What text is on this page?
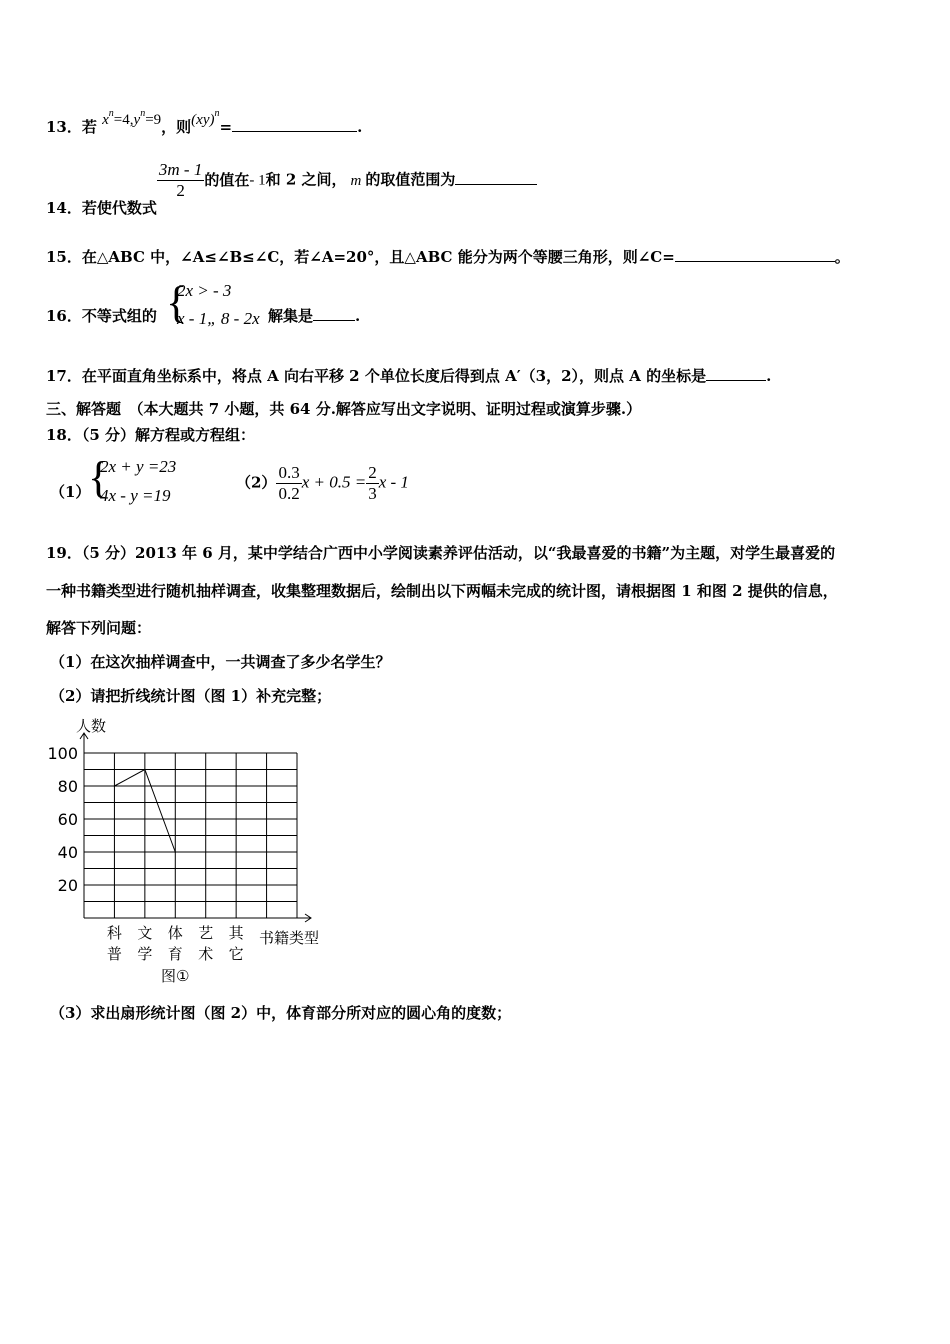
13．若 $x^n=4,y^n=9$，则(xy)$^n$=	.
14．若使代数式
$\frac{3m - 1}{2}$ 的值在- 1和 2 之间， m 的取值范围为
15．在△ABC 中，∠A≤∠B≤∠C，若∠A=20°，且△ABC 能分为两个等腰三角形，则∠C=	。
16．不等式组的 {
2x > - 3
x - 1„ 8 - 2x 解集是	.
17．在平面直角坐标系中，将点 A 向右平移 2 个单位长度后得到点 A′（3，2），则点 A 的坐标是	.
三、解答题　（本大题共 7 小题，共 64 分.解答应写出文字说明、证明过程或演算步骤.）
18．（5 分）解方程或方程组：
（1）
{
2x + y =23
4x - y =19
$(2) \frac{0.3}{0.2}$ $x + 0.5 = \frac{2}{3}$ x - 1
19．（5 分）2013 年 6 月，某中学结合广西中小学阅读素养评估活动，以“我最喜爱的书籍”为主题，对学生最喜爱的
一种书籍类型进行随机抽样调查，收集整理数据后，绘制出以下两幅未完成的统计图，请根据图 1 和图 2 提供的信息，
解答下列问题：
（1）在这次抽样调查中，一共调查了多少名学生？
（2）请把折线统计图（图 1）补充完整；
20
40
60
80
100
人数
书籍类型
科
普
文
学
体
育
艺
术
其
它
图①
（3）求出扇形统计图（图 2）中，体育部分所对应的圆心角的度数；
